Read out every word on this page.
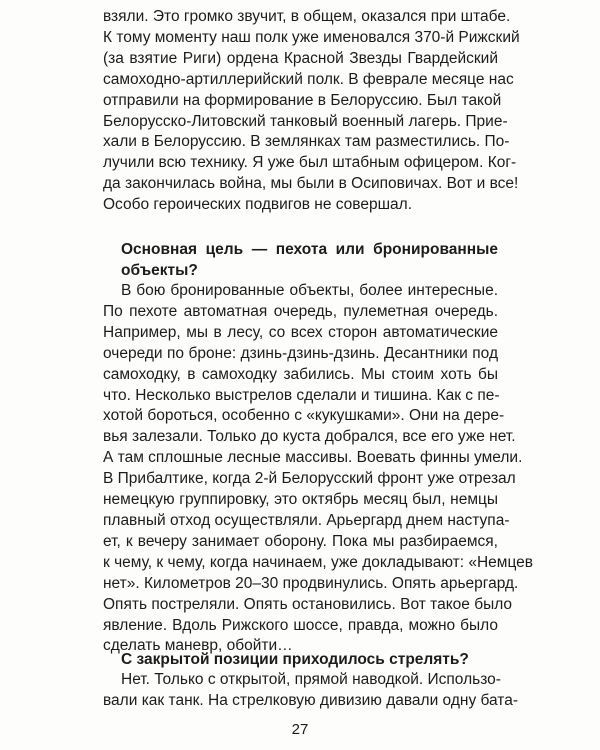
взяли. Это громко звучит, в общем, оказался при штабе.
К тому моменту наш полк уже именовался 370-й Рижский
(за взятие Риги) ордена Красной Звезды Гвардейский
самоходно-артиллерийский полк. В феврале месяце нас
отправили на формирование в Белоруссию. Был такой
Белорусско-Литовский танковый военный лагерь. Прие-
хали в Белоруссию. В землянках там разместились. По-
лучили всю технику. Я уже был штабным офицером. Ког-
да закончилась война, мы были в Осиповичах. Вот и все!
Особо героических подвигов не совершал.

Основная цель — пехота или бронированные
объекты?

В бою бронированные объекты, более интересные.
По пехоте автоматная очередь, пулеметная очередь.
Например, мы в лесу, со всех сторон автоматические
очереди по броне: дзинь-дзинь-дзинь. Десантники под
самоходку, в самоходку забились. Мы стоим хоть бы
что. Несколько выстрелов сделали и тишина. Как с пе-
хотой бороться, особенно с «кукушками». Они на дере-
вья залезали. Только до куста добрался, все его уже нет.
А там сплошные лесные массивы. Воевать финны умели.
В Прибалтике, когда 2-й Белорусский фронт уже отрезал
немецкую группировку, это октябрь месяц был, немцы
плавный отход осуществляли. Арьергард днем наступа-
ет, к вечеру занимает оборону. Пока мы разбираемся,
к чему, к чему, когда начинаем, уже докладывают: «Немцев
нет». Километров 20–30 продвинулись. Опять арьергард.
Опять постреляли. Опять остановились. Вот такое было
явление. Вдоль Рижского шоссе, правда, можно было
сделать маневр, обойти…

С закрытой позиции приходилось стрелять?

Нет. Только с открытой, прямой наводкой. Использо-
вали как танк. На стрелковую дивизию давали одну бата-

27
